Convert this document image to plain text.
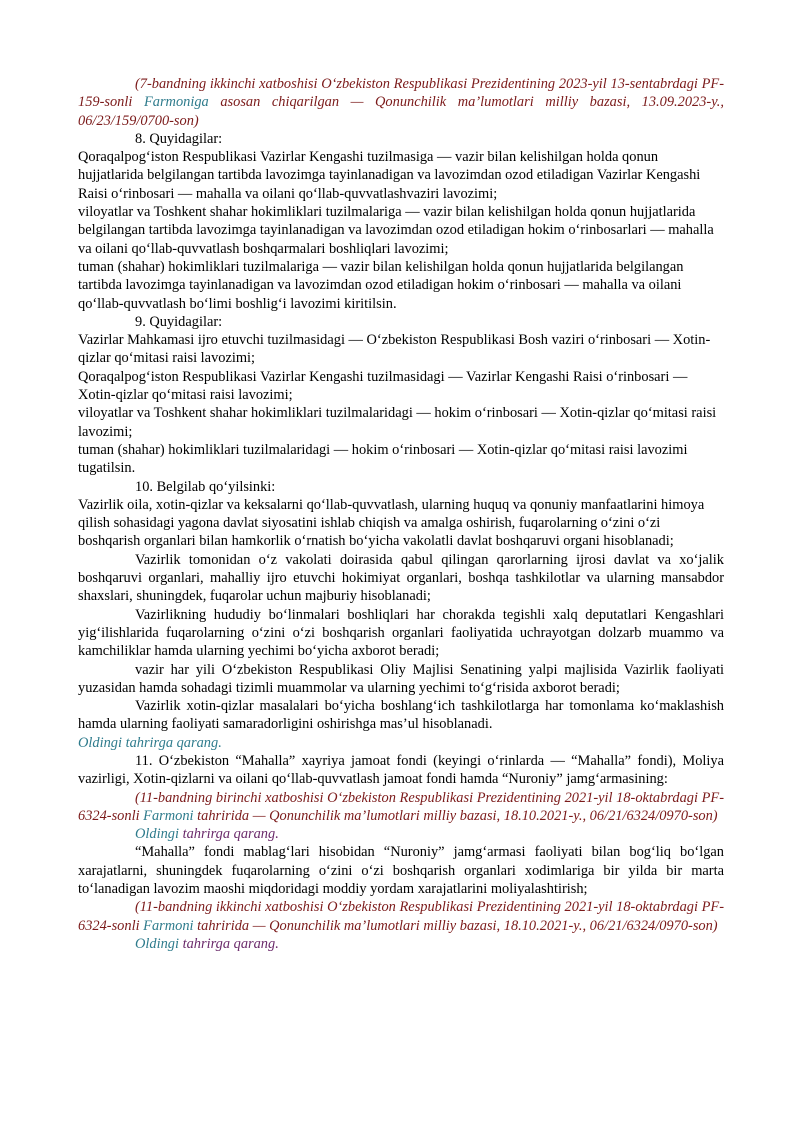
(7-bandning ikkinchi xatboshisi O‘zbekiston Respublikasi Prezidentining 2023-yil 13-sentabrdagi PF-159-sonli Farmoniga asosan chiqarilgan — Qonunchilik ma’lumotlari milliy bazasi, 13.09.2023-y., 06/23/159/0700-son)

8. Quyidagilar:

Qoraqalpog‘iston Respublikasi Vazirlar Kengashi tuzilmasiga — vazir bilan kelishilgan holda qonun hujjatlarida belgilangan tartibda lavozimga tayinlanadigan va lavozimdan ozod etiladigan Vazirlar Kengashi Raisi o‘rinbosari — mahalla va oilani qo‘llab-quvvatlashvaziri lavozimi;

viloyatlar va Toshkent shahar hokimliklari tuzilmalariga — vazir bilan kelishilgan holda qonun hujjatlarida belgilangan tartibda lavozimga tayinlanadigan va lavozimdan ozod etiladigan hokim o‘rinbosarlari — mahalla va oilani qo‘llab-quvvatlash boshqarmalari boshliqlari lavozimi;

tuman (shahar) hokimliklari tuzilmalariga — vazir bilan kelishilgan holda qonun hujjatlarida belgilangan tartibda lavozimga tayinlanadigan va lavozimdan ozod etiladigan hokim o‘rinbosari — mahalla va oilani qo‘llab-quvvatlash bo‘limi boshlig‘i lavozimi kiritilsin.

9. Quyidagilar:

Vazirlar Mahkamasi ijro etuvchi tuzilmasidagi — O‘zbekiston Respublikasi Bosh vaziri o‘rinbosari — Xotin-qizlar qo‘mitasi raisi lavozimi;

Qoraqalpog‘iston Respublikasi Vazirlar Kengashi tuzilmasidagi — Vazirlar Kengashi Raisi o‘rinbosari — Xotin-qizlar qo‘mitasi raisi lavozimi;

viloyatlar va Toshkent shahar hokimliklari tuzilmalaridagi — hokim o‘rinbosari — Xotin-qizlar qo‘mitasi raisi lavozimi;

tuman (shahar) hokimliklari tuzilmalaridagi — hokim o‘rinbosari — Xotin-qizlar qo‘mitasi raisi lavozimi tugatilsin.

10. Belgilab qo‘yilsinki:

Vazirlik oila, xotin-qizlar va keksalarni qo‘llab-quvvatlash, ularning huquq va qonuniy manfaatlarini himoya qilish sohasidagi yagona davlat siyosatini ishlab chiqish va amalga oshirish, fuqarolarning o‘zini o‘zi boshqarish organlari bilan hamkorlik o‘rnatish bo‘yicha vakolatli davlat boshqaruvi organi hisoblanadi;

Vazirlik tomonidan o‘z vakolati doirasida qabul qilingan qarorlarning ijrosi davlat va xo‘jalik boshqaruvi organlari, mahalliy ijro etuvchi hokimiyat organlari, boshqa tashkilotlar va ularning mansabdor shaxslari, shuningdek, fuqarolar uchun majburiy hisoblanadi;

Vazirlikning hududiy bo‘linmalari boshliqlari har chorakda tegishli xalq deputatlari Kengashlari yig‘ilishlarida fuqarolarning o‘zini o‘zi boshqarish organlari faoliyatida uchrayotgan dolzarb muammo va kamchiliklar hamda ularning yechimi bo‘yicha axborot beradi;

vazir har yili O‘zbekiston Respublikasi Oliy Majlisi Senatining yalpi majlisida Vazirlik faoliyati yuzasidan hamda sohadagi tizimli muammolar va ularning yechimi to‘g‘risida axborot beradi;

Vazirlik xotin-qizlar masalalari bo‘yicha boshlang‘ich tashkilotlarga har tomonlama ko‘maklashish hamda ularning faoliyati samaradorligini oshirishga mas’ul hisoblanadi.

Oldingi tahrirga qarang.

11. O‘zbekiston “Mahalla” xayriya jamoat fondi (keyingi o‘rinlarda — “Mahalla” fondi), Moliya vazirligi, Xotin-qizlarni va oilani qo‘llab-quvvatlash jamoat fondi hamda “Nuroniy” jamg‘armasining:

(11-bandning birinchi xatboshisi O‘zbekiston Respublikasi Prezidentining 2021-yil 18-oktabrdagi PF-6324-sonli Farmoni tahririda — Qonunchilik ma’lumotlari milliy bazasi, 18.10.2021-y., 06/21/6324/0970-son)

Oldingi tahrirga qarang.

“Mahalla” fondi mablag‘lari hisobidan “Nuroniy” jamg‘armasi faoliyati bilan bog‘liq bo‘lgan xarajatlarni, shuningdek fuqarolarning o‘zini o‘zi boshqarish organlari xodimlariga bir yilda bir marta to‘lanadigan lavozim maoshi miqdoridagi moddiy yordam xarajatlarini moliyalashtirish;

(11-bandning ikkinchi xatboshisi O‘zbekiston Respublikasi Prezidentining 2021-yil 18-oktabrdagi PF-6324-sonli Farmoni tahririda — Qonunchilik ma’lumotlari milliy bazasi, 18.10.2021-y., 06/21/6324/0970-son)

Oldingi tahrirga qarang.
